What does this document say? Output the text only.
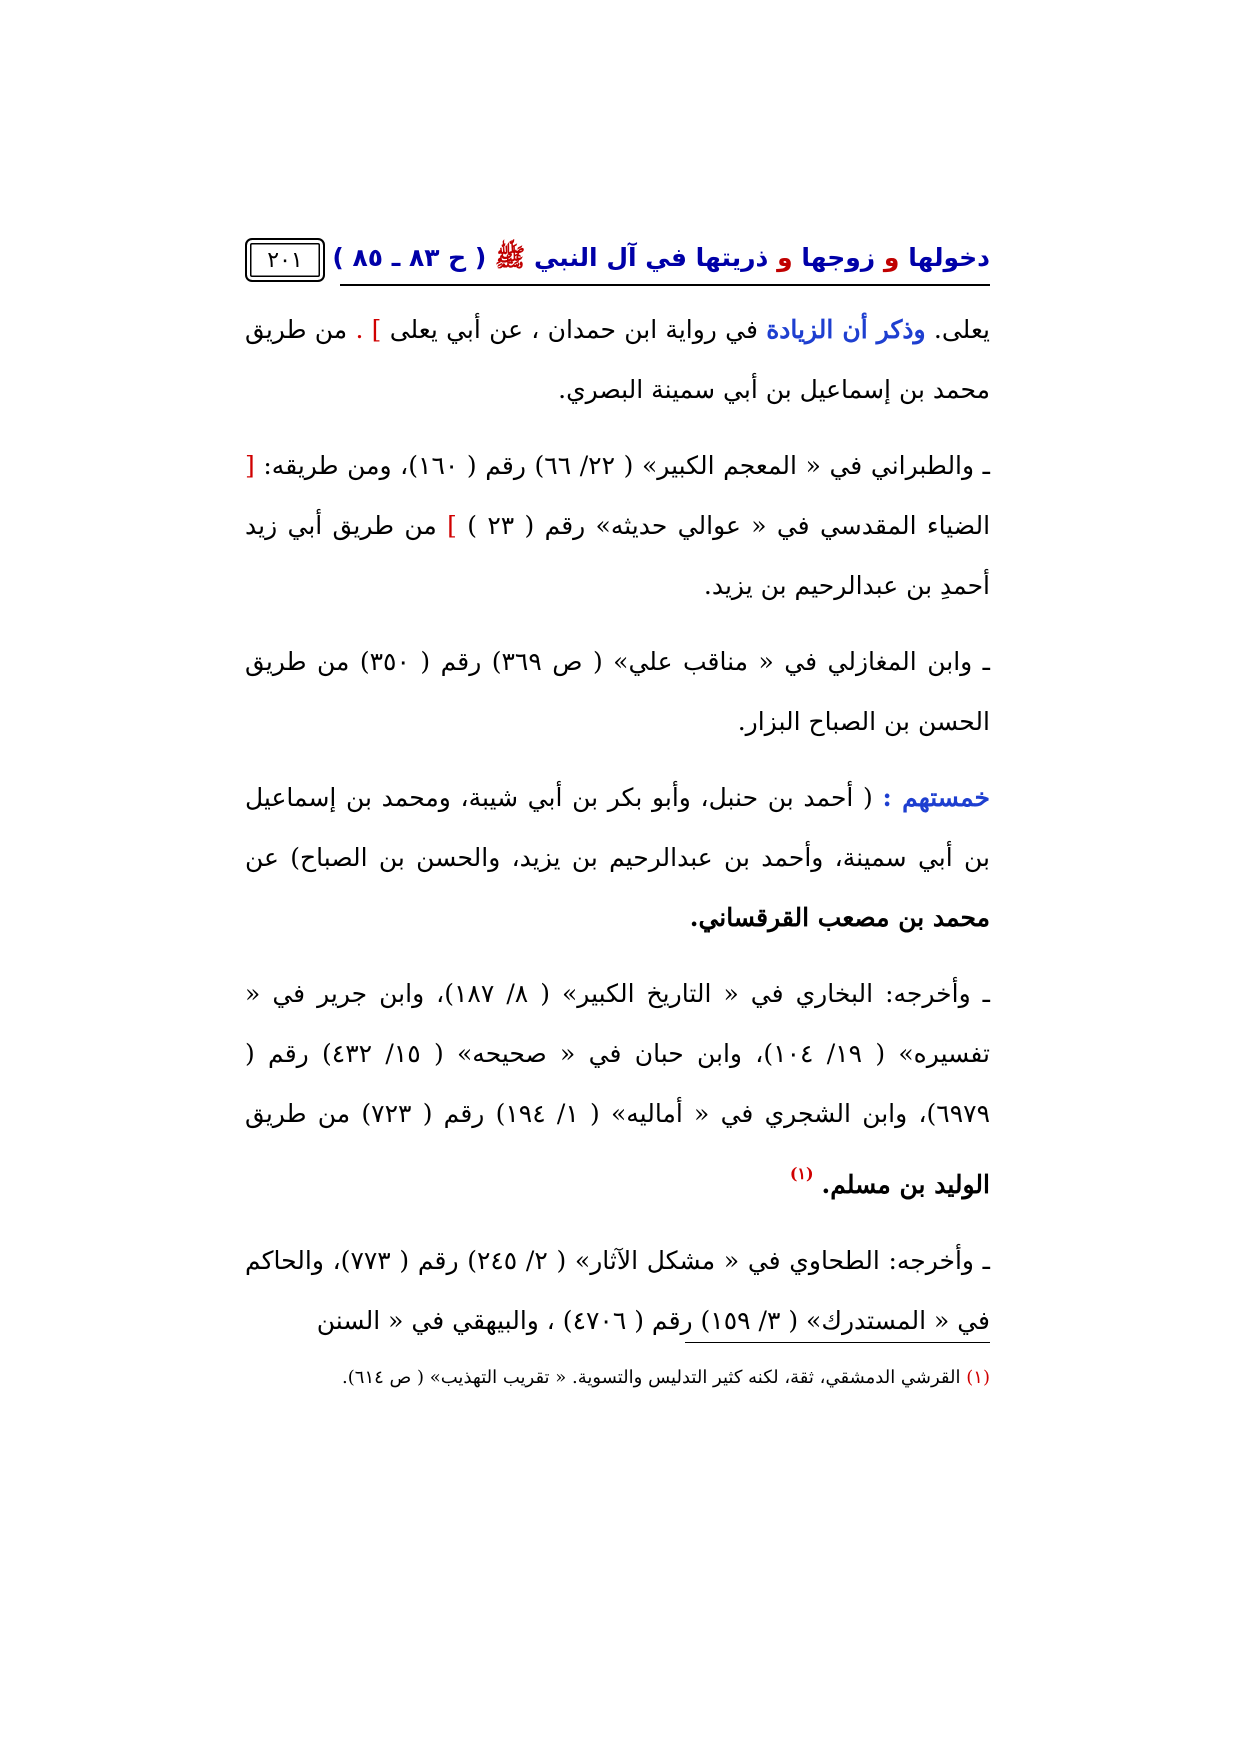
دخولها و زوجها و ذريتها في آل النبي ﷺ ( ح ٨٣ ـ ٨٥ )
٢٠١

يعلى. وذكر أن الزيادة في رواية ابن حمدان ، عن أبي يعلى ] . من طريق محمد بن إسماعيل بن أبي سمينة البصري.

ـ والطبراني في « المعجم الكبير» ( ٢٢/ ٦٦) رقم ( ١٦٠)، ومن طريقه: [ الضياء المقدسي في « عوالي حديثه» رقم ( ٢٣ ) ] من طريق أبي زيد أحمدِ بن عبدالرحيم بن يزيد.

ـ وابن المغازلي في « مناقب علي» ( ص ٣٦٩) رقم ( ٣٥٠) من طريق الحسن بن الصباح البزار.

خمستهم : ( أحمد بن حنبل، وأبو بكر بن أبي شيبة، ومحمد بن إسماعيل بن أبي سمينة، وأحمد بن عبدالرحيم بن يزيد، والحسن بن الصباح) عن محمد بن مصعب القرقساني.

ـ وأخرجه: البخاري في « التاريخ الكبير» ( ٨/ ١٨٧)، وابن جرير في « تفسيره» ( ١٩/ ١٠٤)، وابن حبان في « صحيحه» ( ١٥/ ٤٣٢) رقم ( ٦٩٧٩)، وابن الشجري في « أماليه» ( ١/ ١٩٤) رقم ( ٧٢٣) من طريق الوليد بن مسلم. $^{(١)}$

ـ وأخرجه: الطحاوي في « مشكل الآثار» ( ٢/ ٢٤٥) رقم ( ٧٧٣)، والحاكم في « المستدرك» ( ٣/ ١٥٩) رقم ( ٤٧٠٦) ، والبيهقي في « السنن

(١) القرشي الدمشقي، ثقة، لكنه كثير التدليس والتسوية. « تقريب التهذيب» ( ص ٦١٤).
